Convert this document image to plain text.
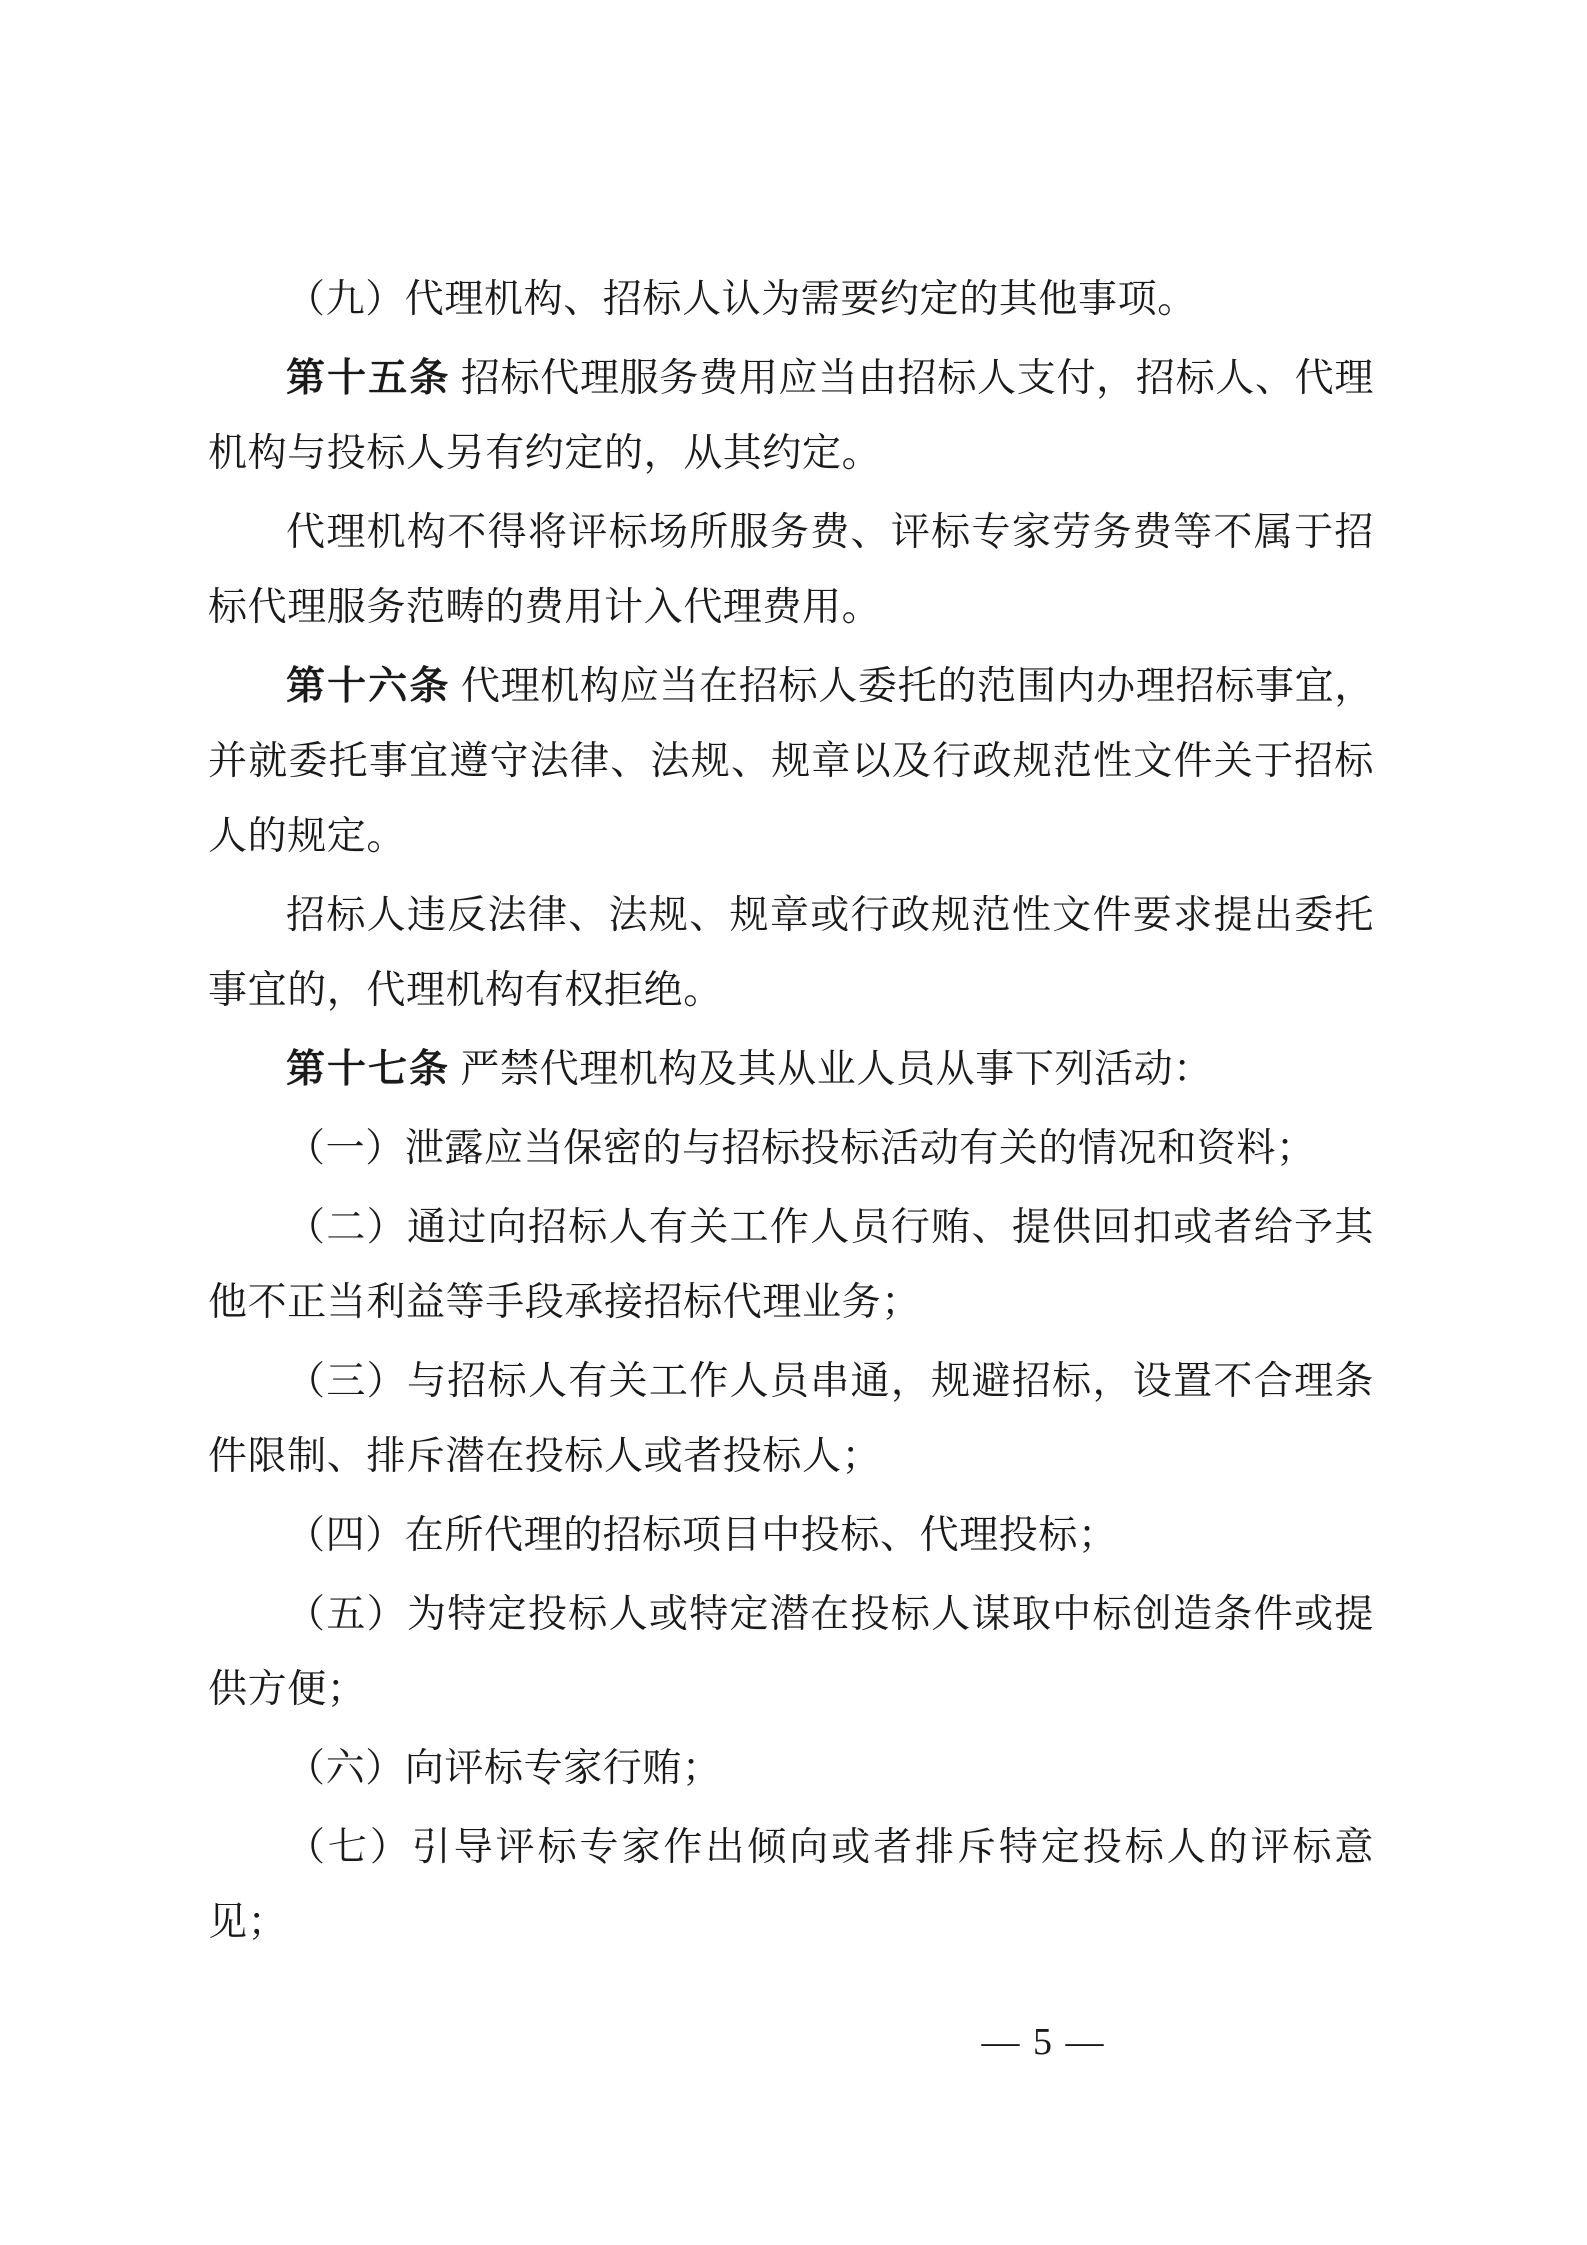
（九）代理机构、招标人认为需要约定的其他事项。

第十五条 招标代理服务费用应当由招标人支付，招标人、代理机构与投标人另有约定的，从其约定。

代理机构不得将评标场所服务费、评标专家劳务费等不属于招标代理服务范畴的费用计入代理费用。

第十六条 代理机构应当在招标人委托的范围内办理招标事宜，并就委托事宜遵守法律、法规、规章以及行政规范性文件关于招标人的规定。

招标人违反法律、法规、规章或行政规范性文件要求提出委托事宜的，代理机构有权拒绝。

第十七条 严禁代理机构及其从业人员从事下列活动：

（一）泄露应当保密的与招标投标活动有关的情况和资料；

（二）通过向招标人有关工作人员行贿、提供回扣或者给予其他不正当利益等手段承接招标代理业务；

（三）与招标人有关工作人员串通，规避招标，设置不合理条件限制、排斥潜在投标人或者投标人；

（四）在所代理的招标项目中投标、代理投标；

（五）为特定投标人或特定潜在投标人谋取中标创造条件或提供方便；

（六）向评标专家行贿；

（七）引导评标专家作出倾向或者排斥特定投标人的评标意见；

— 5 —
